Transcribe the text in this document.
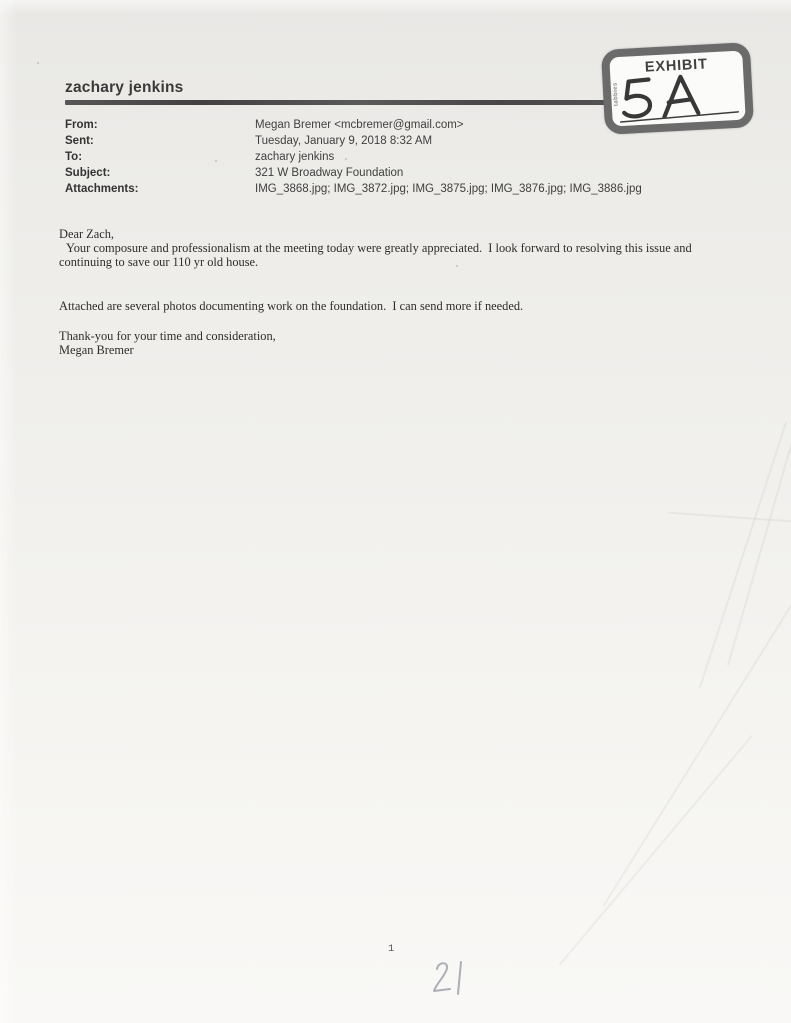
zachary jenkins
From:	Megan Bremer <mcbremer@gmail.com>
Sent:	Tuesday, January 9, 2018 8:32 AM
To:	zachary jenkins
Subject:	321 W Broadway Foundation
Attachments:	IMG_3868.jpg; IMG_3872.jpg; IMG_3875.jpg; IMG_3876.jpg; IMG_3886.jpg

Dear Zach,

Your composure and professionalism at the meeting today were greatly appreciated.  I look forward to resolving this issue and continuing to save our 110 yr old house.

Attached are several photos documenting work on the foundation.  I can send more if needed.

Thank-you for your time and consideration,

Megan Bremer

tabbies
EXHIBIT
1
